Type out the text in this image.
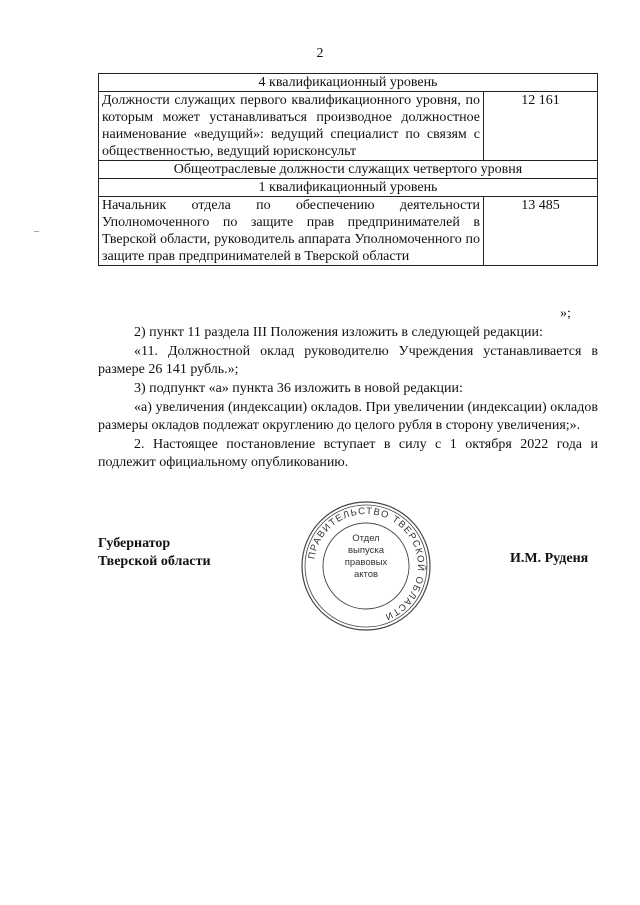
2
–
4 квалификационный уровень	
Должности служащих первого квалификационного уровня, по которым может устанавливаться производное должностное наименование «ведущий»: ведущий специалист по связям с общественностью, ведущий юрисконсульт	12 161
Общеотраслевые должности служащих четвертого уровня	
1 квалификационный уровень	
Начальник отдела по обеспечению деятельности Уполномоченного по защите прав предпринимателей в Тверской области, руководитель аппарата Уполномоченного по защите прав предпринимателей в Тверской области	13 485
»;

2) пункт 11 раздела III Положения изложить в следующей редакции:

«11. Должностной оклад руководителю Учреждения устанавливается в размере 26 141 рубль.»;

3) подпункт «а» пункта 36 изложить в новой редакции:

«а) увеличения (индексации) окладов. При увеличении (индексации) окладов размеры окладов подлежат округлению до целого рубля в сторону увеличения;».

2. Настоящее постановление вступает в силу с 1 октября 2022 года и подлежит официальному опубликованию.

Губернатор
Тверской области	ПРАВИТЕЛЬСТВО ТВЕРСКОЙ ОБЛАСТИ
Отдел
выпуска
правовых
актов
И.М. Руденя
